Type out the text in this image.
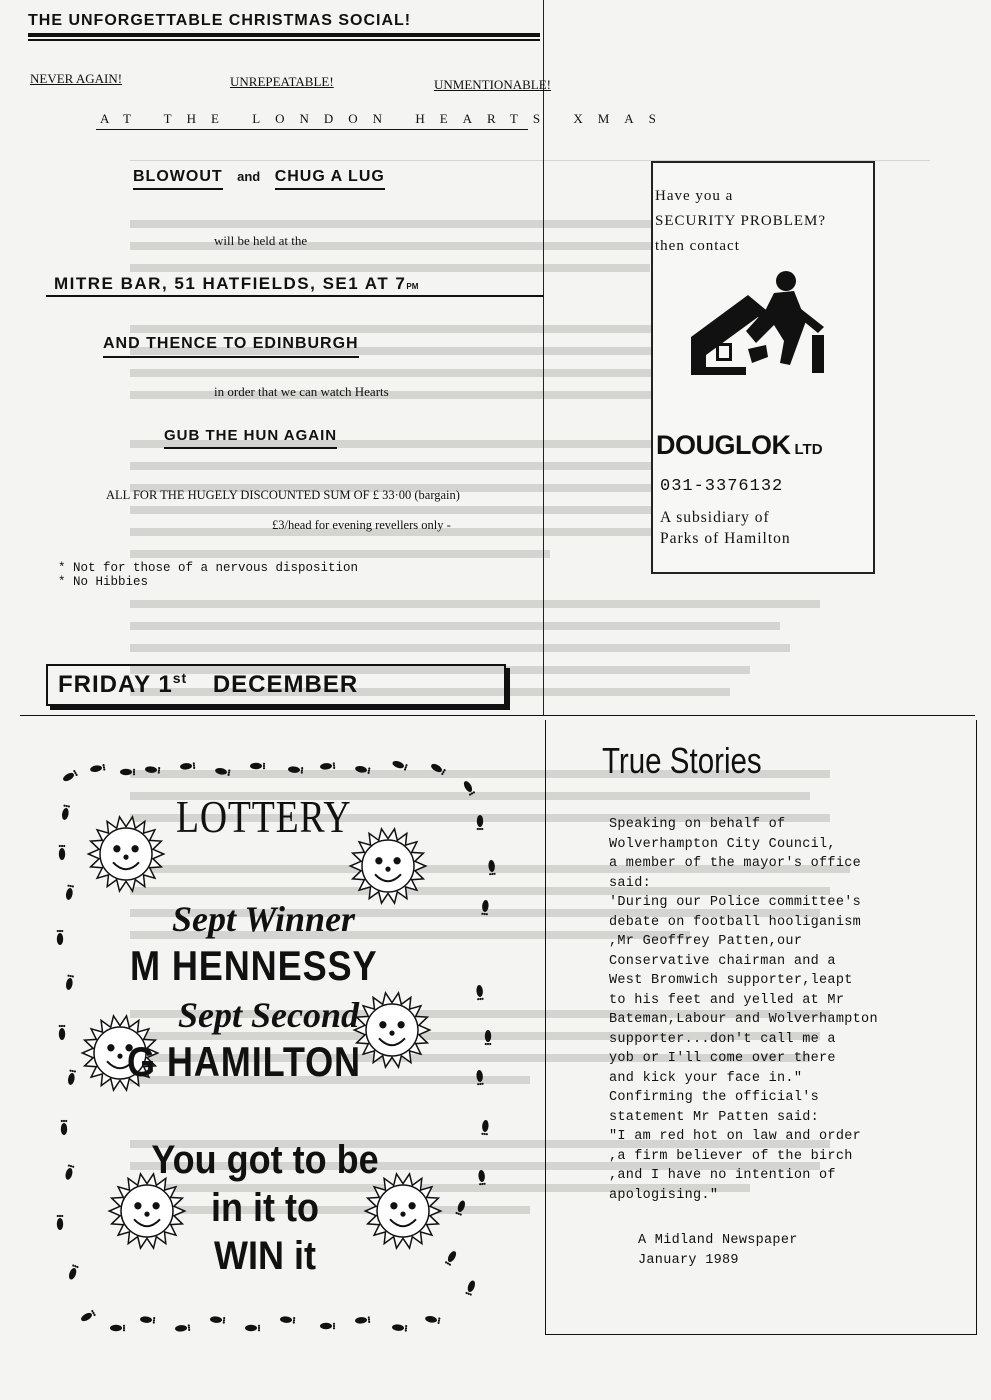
THE UNFORGETTABLE CHRISTMAS SOCIAL!
NEVER AGAIN!	UNREPEATABLE!	UNMENTIONABLE!
AT THE LONDON HEARTS XMAS
BLOWOUT and CHUG A LUG
will be held at the
MITRE BAR, 51 HATFIELDS, SE1 AT 7PM
AND THENCE TO EDINBURGH
in order that we can watch Hearts
GUB THE HUN AGAIN
ALL FOR THE HUGELY DISCOUNTED SUM OF £ 33·00 (bargain)
£3/head for evening revellers only -
* Not for those of a nervous disposition
* No Hibbies
FRIDAY 1st DECEMBER
Have you a
SECURITY PROBLEM?
then contact
DOUGLOK LTD
031-3376132
A subsidiary of
Parks of Hamilton
True Stories
Speaking on behalf of
Wolverhampton City Council,
a member of the mayor's office
said:
'During our Police committee's
debate on football hooliganism
,Mr Geoffrey Patten,our
Conservative chairman and a
West Bromwich supporter,leapt
to his feet and yelled at Mr
Bateman,Labour and Wolverhampton
supporter...don't call me a
yob or I'll come over there
and kick your face in."
Confirming the official's
statement Mr Patten said:
"I am red hot on law and order
,a firm believer of the birch
,and I have no intention of
apologising."
A Midland Newspaper
January 1989
LOTTERY
Sept Winner
M HENNESSY
Sept Second
G HAMILTON
You got to be
in it to
WIN it
